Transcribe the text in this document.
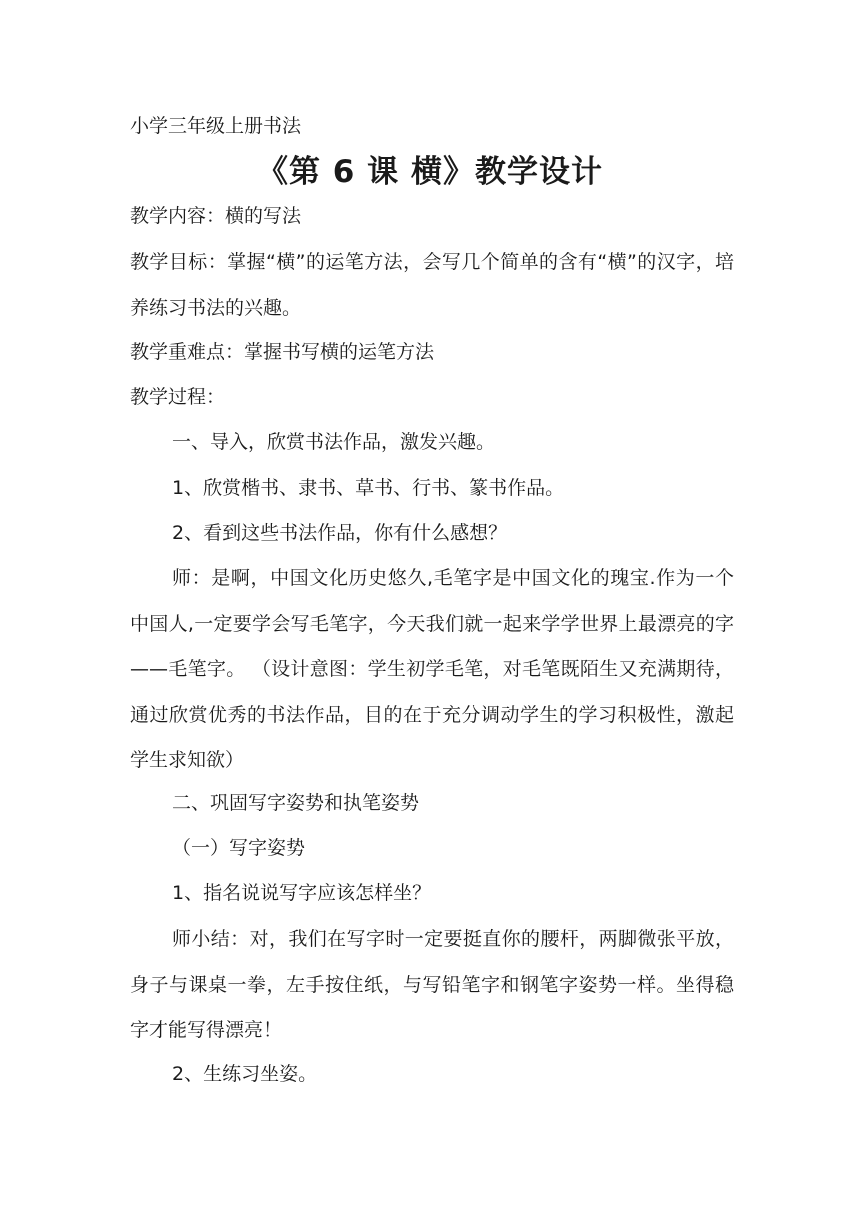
小学三年级上册书法

《第 6 课 横》教学设计

教学内容：横的写法

教学目标：掌握“横”的运笔方法，会写几个简单的含有“横”的汉字，培养练习书法的兴趣。

教学重难点：掌握书写横的运笔方法

教学过程：

一、导入，欣赏书法作品，激发兴趣。

1、欣赏楷书、隶书、草书、行书、篆书作品。

2、看到这些书法作品，你有什么感想？

师：是啊，中国文化历史悠久,毛笔字是中国文化的瑰宝.作为一个中国人,一定要学会写毛笔字，今天我们就一起来学学世界上最漂亮的字——毛笔字。 （设计意图：学生初学毛笔，对毛笔既陌生又充满期待，通过欣赏优秀的书法作品，目的在于充分调动学生的学习积极性，激起学生求知欲）

二、巩固写字姿势和执笔姿势

（一）写字姿势

1、指名说说写字应该怎样坐？

师小结：对，我们在写字时一定要挺直你的腰杆，两脚微张平放，身子与课桌一拳，左手按住纸，与写铅笔字和钢笔字姿势一样。坐得稳字才能写得漂亮！

2、生练习坐姿。
